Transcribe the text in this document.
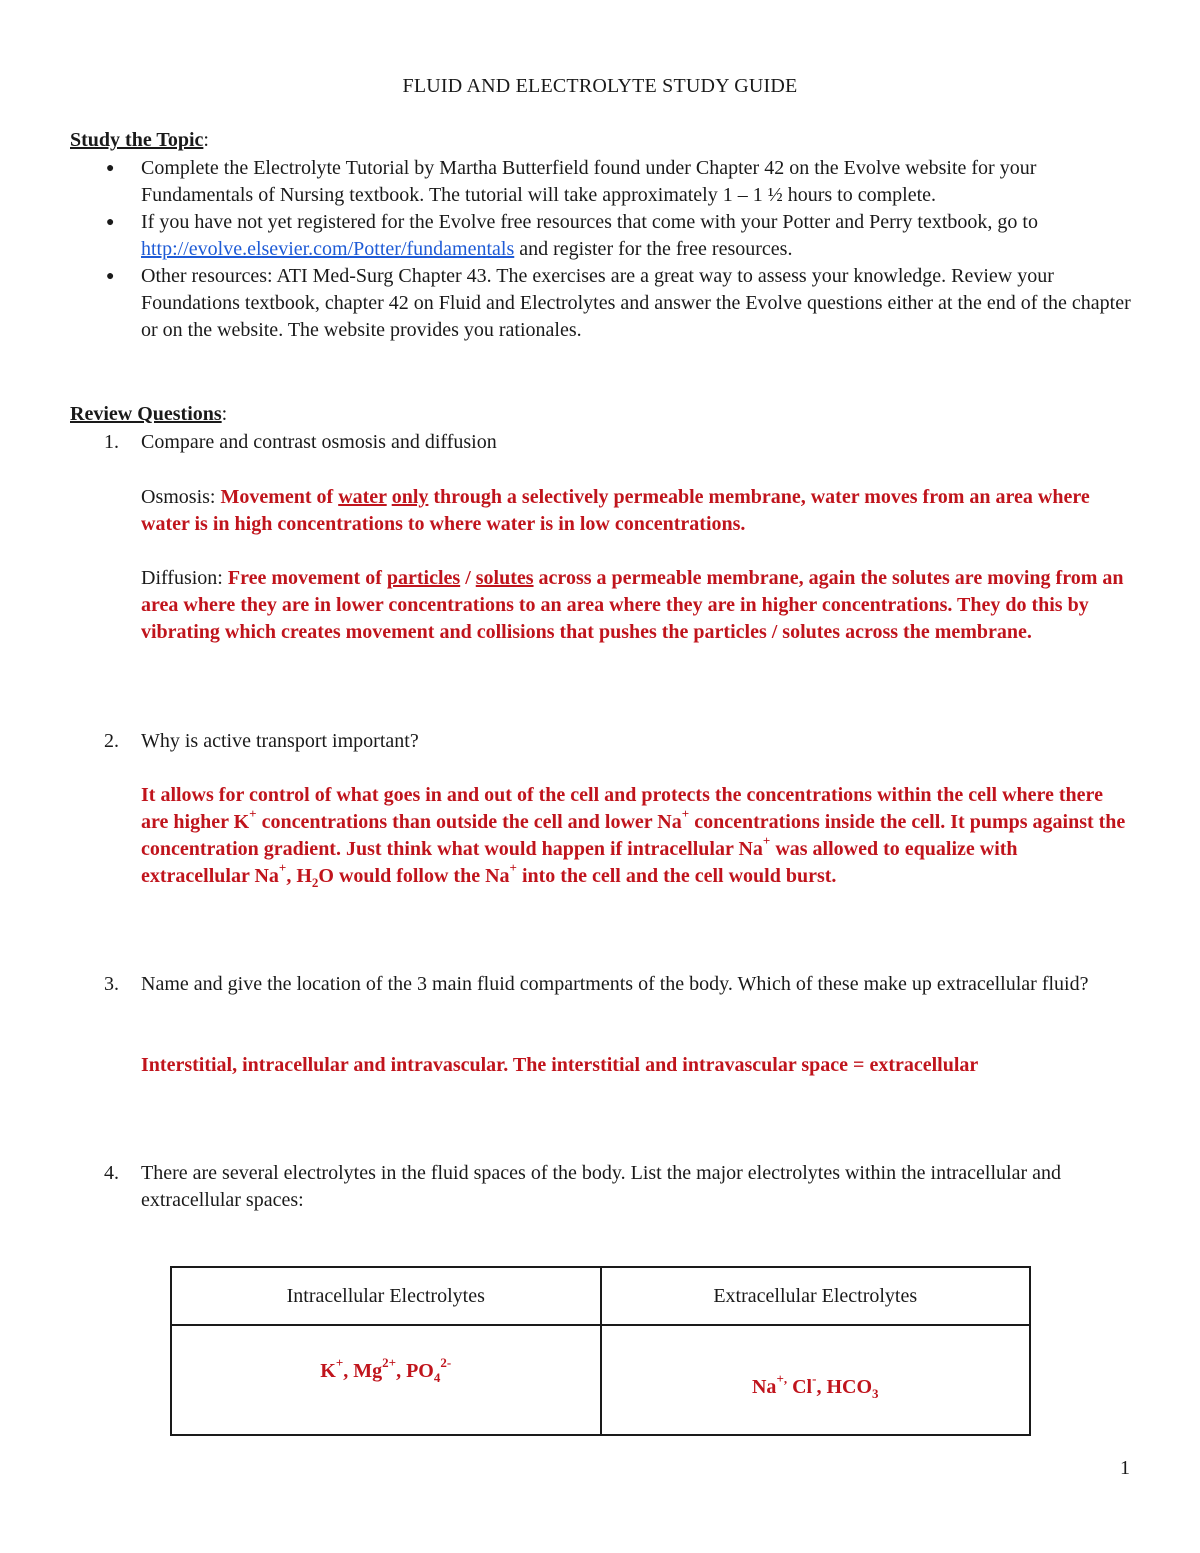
FLUID AND ELECTROLYTE STUDY GUIDE
Study the Topic:
● Complete the Electrolyte Tutorial by Martha Butterfield found under Chapter 42 on the Evolve website for your Fundamentals of Nursing textbook. The tutorial will take approximately 1 – 1 ½ hours to complete.
● If you have not yet registered for the Evolve free resources that come with your Potter and Perry textbook, go to http://evolve.elsevier.com/Potter/fundamentals and register for the free resources.
● Other resources: ATI Med-Surg Chapter 43. The exercises are a great way to assess your knowledge. Review your Foundations textbook, chapter 42 on Fluid and Electrolytes and answer the Evolve questions either at the end of the chapter or on the website. The website provides you rationales.
Review Questions:
1. Compare and contrast osmosis and diffusion
Osmosis: Movement of water only through a selectively permeable membrane, water moves from an area where water is in high concentrations to where water is in low concentrations.
Diffusion: Free movement of particles / solutes across a permeable membrane, again the solutes are moving from an area where they are in lower concentrations to an area where they are in higher concentrations. They do this by vibrating which creates movement and collisions that pushes the particles / solutes across the membrane.
2. Why is active transport important?
It allows for control of what goes in and out of the cell and protects the concentrations within the cell where there are higher K+ concentrations than outside the cell and lower Na+ concentrations inside the cell. It pumps against the concentration gradient. Just think what would happen if intracellular Na+ was allowed to equalize with extracellular Na+, $H_2O$ would follow the Na+ into the cell and the cell would burst.
3. Name and give the location of the 3 main fluid compartments of the body. Which of these make up extracellular fluid?
Interstitial, intracellular and intravascular. The interstitial and intravascular space = extracellular
4. There are several electrolytes in the fluid spaces of the body. List the major electrolytes within the intracellular and extracellular spaces:
Intracellular Electrolytes	Extracellular Electrolytes

K+, $Mg^{2+}$, $PO_4^{2-}$	Na+, Cl-, $HCO_3$
1
